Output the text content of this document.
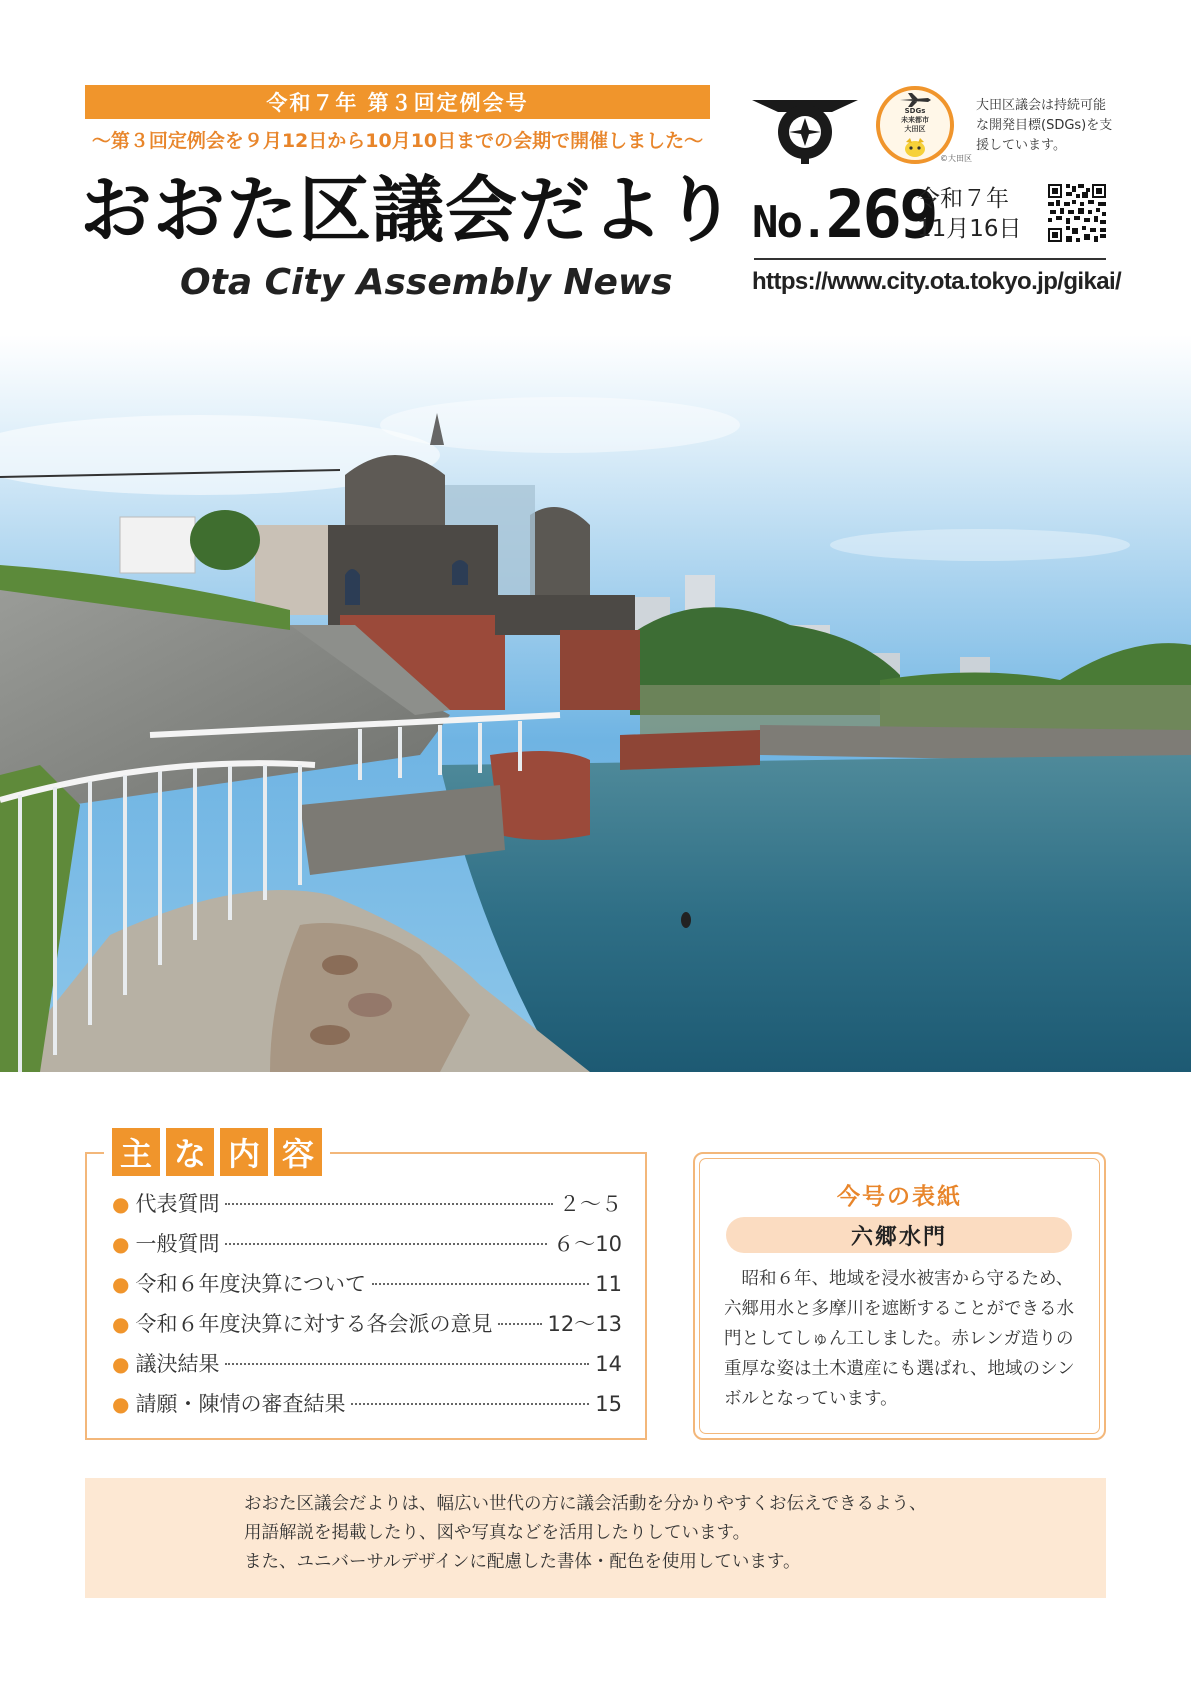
令和７年 第３回定例会号
〜第３回定例会を９月12日から10月10日までの会期で開催しました〜
おおた区議会だより
Ota City Assembly News
SDGs
未来都市
大田区
©大田区
大田区議会は持続可能な開発目標(SDGs)を支援しています。
No.269
令和７年
11月16日
https://www.city.ota.tokyo.jp/gikai/
主 な 内 容
● 代表質問	２〜５
● 一般質問	６〜10
● 令和６年度決算について	11
● 令和６年度決算に対する各会派の意見	12〜13
● 議決結果	14
● 請願・陳情の審査結果	15
今号の表紙
六郷水門
昭和６年、地域を浸水被害から守るため、六郷用水と多摩川を遮断することができる水門としてしゅん工しました。赤レンガ造りの重厚な姿は土木遺産にも選ばれ、地域のシンボルとなっています。

おおた区議会だよりは、幅広い世代の方に議会活動を分かりやすくお伝えできるよう、

用語解説を掲載したり、図や写真などを活用したりしています。

また、ユニバーサルデザインに配慮した書体・配色を使用しています。
